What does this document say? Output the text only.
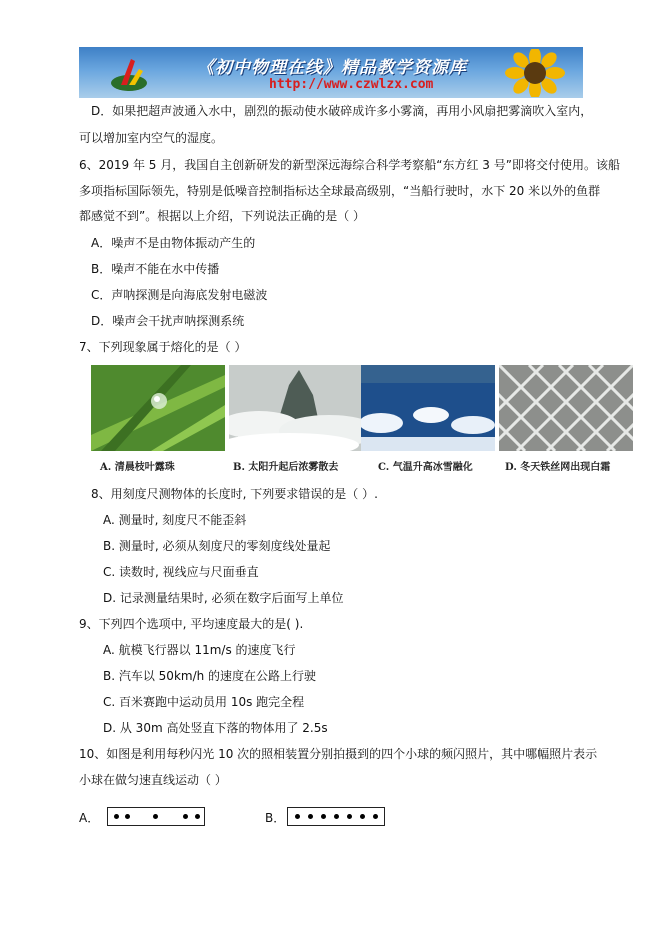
《初中物理在线》精品教学资源库
http://www.czwlzx.com
D．如果把超声波通入水中，剧烈的振动使水破碎成许多小雾滴，再用小风扇把雾滴吹入室内，
可以增加室内空气的湿度。
6、2019 年 5 月，我国自主创新研发的新型深远海综合科学考察船“东方红 3 号”即将交付使用。该船
多项指标国际领先，特别是低噪音控制指标达全球最高级别，“当船行驶时，水下 20 米以外的鱼群
都感觉不到”。根据以上介绍，下列说法正确的是（ ）
A．噪声不是由物体振动产生的
B．噪声不能在水中传播
C．声呐探测是向海底发射电磁波
D．噪声会干扰声呐探测系统
7、下列现象属于熔化的是（ ）
A. 清晨枝叶露珠	B. 太阳升起后浓雾散去	C. 气温升高冰雪融化	D. 冬天铁丝网出现白霜
8、用刻度尺测物体的长度时, 下列要求错误的是（ ）.
A. 测量时, 刻度尺不能歪斜
B. 测量时, 必须从刻度尺的零刻度线处量起
C. 读数时, 视线应与尺面垂直
D. 记录测量结果时, 必须在数字后面写上单位
9、下列四个选项中, 平均速度最大的是( ).
A. 航模飞行器以 11m/s 的速度飞行
B. 汽车以 50km/h 的速度在公路上行驶
C. 百米赛跑中运动员用 10s 跑完全程
D. 从 30m 高处竖直下落的物体用了 2.5s
10、如图是利用每秒闪光 10 次的照相装置分别拍摄到的四个小球的频闪照片，其中哪幅照片表示
小球在做匀速直线运动（ ）
A．	B．
